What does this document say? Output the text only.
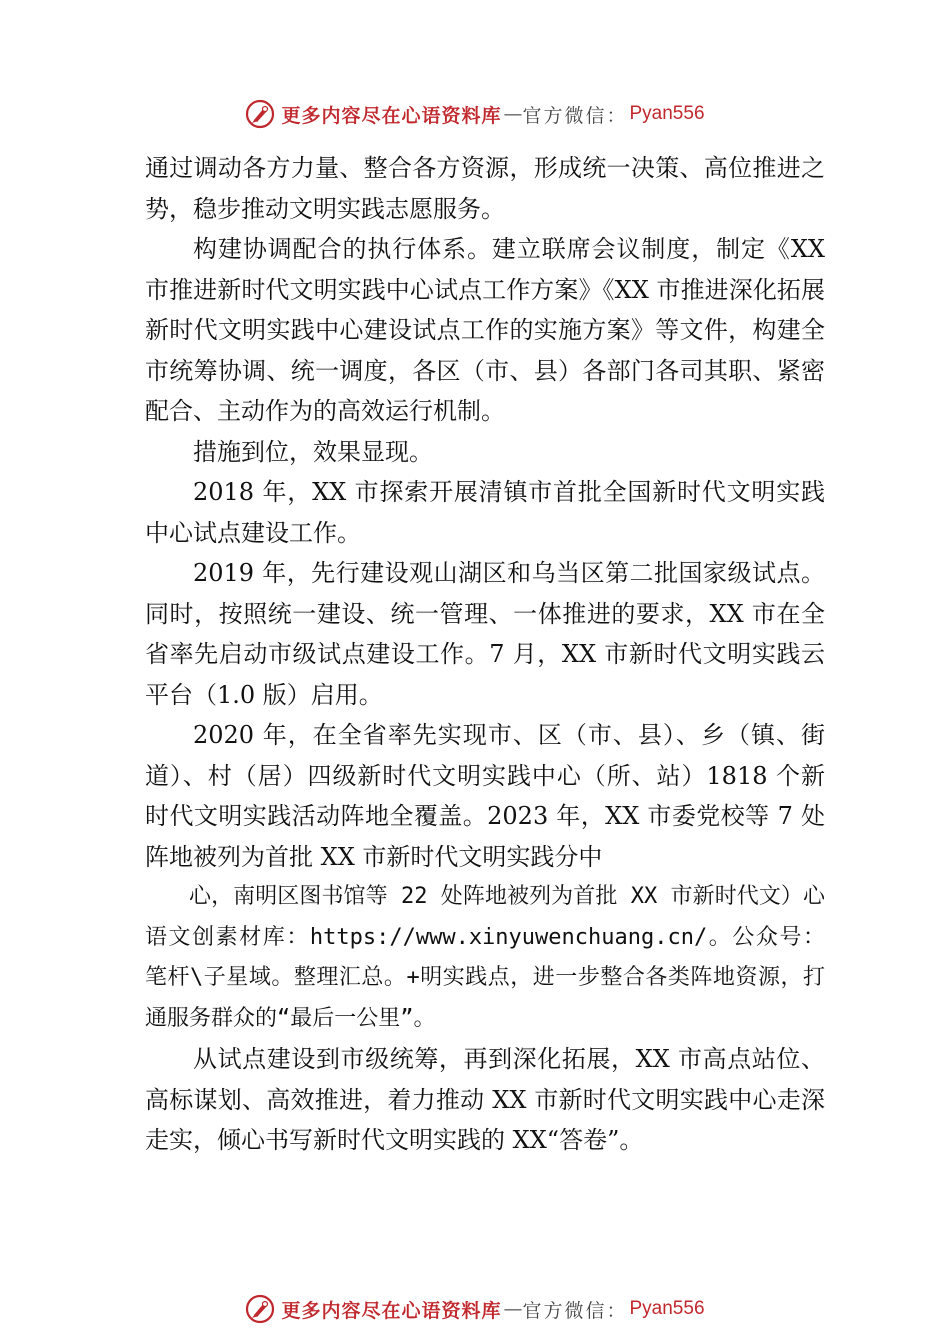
更多内容尽在心语资料库 — 官方微信： Pyan556

通过调动各方力量、整合各方资源，形成统一决策、高位推进之势，稳步推动文明实践志愿服务。

构建协调配合的执行体系。建立联席会议制度，制定《XX 市推进新时代文明实践中心试点工作方案》《XX 市推进深化拓展新时代文明实践中心建设试点工作的实施方案》等文件，构建全市统筹协调、统一调度，各区（市、县）各部门各司其职、紧密配合、主动作为的高效运行机制。

措施到位，效果显现。

2018 年，XX 市探索开展清镇市首批全国新时代文明实践中心试点建设工作。

2019 年，先行建设观山湖区和乌当区第二批国家级试点。同时，按照统一建设、统一管理、一体推进的要求，XX 市在全省率先启动市级试点建设工作。7 月，XX 市新时代文明实践云平台（1.0 版）启用。

2020 年，在全省率先实现市、区（市、县）、乡（镇、街道）、村（居）四级新时代文明实践中心（所、站）1818 个新时代文明实践活动阵地全覆盖。2023 年，XX 市委党校等 7 处阵地被列为首批 XX 市新时代文明实践分中

心，南明区图书馆等 22 处阵地被列为首批 XX 市新时代文）心语文创素材库：https://www.xinyuwenchuang.cn/。公众号：笔杆\子星域。整理汇总。+明实践点，进一步整合各类阵地资源，打通服务群众的“最后一公里”。

从试点建设到市级统筹，再到深化拓展，XX 市高点站位、高标谋划、高效推进，着力推动 XX 市新时代文明实践中心走深走实，倾心书写新时代文明实践的 XX“答卷”。

更多内容尽在心语资料库 — 官方微信： Pyan556
